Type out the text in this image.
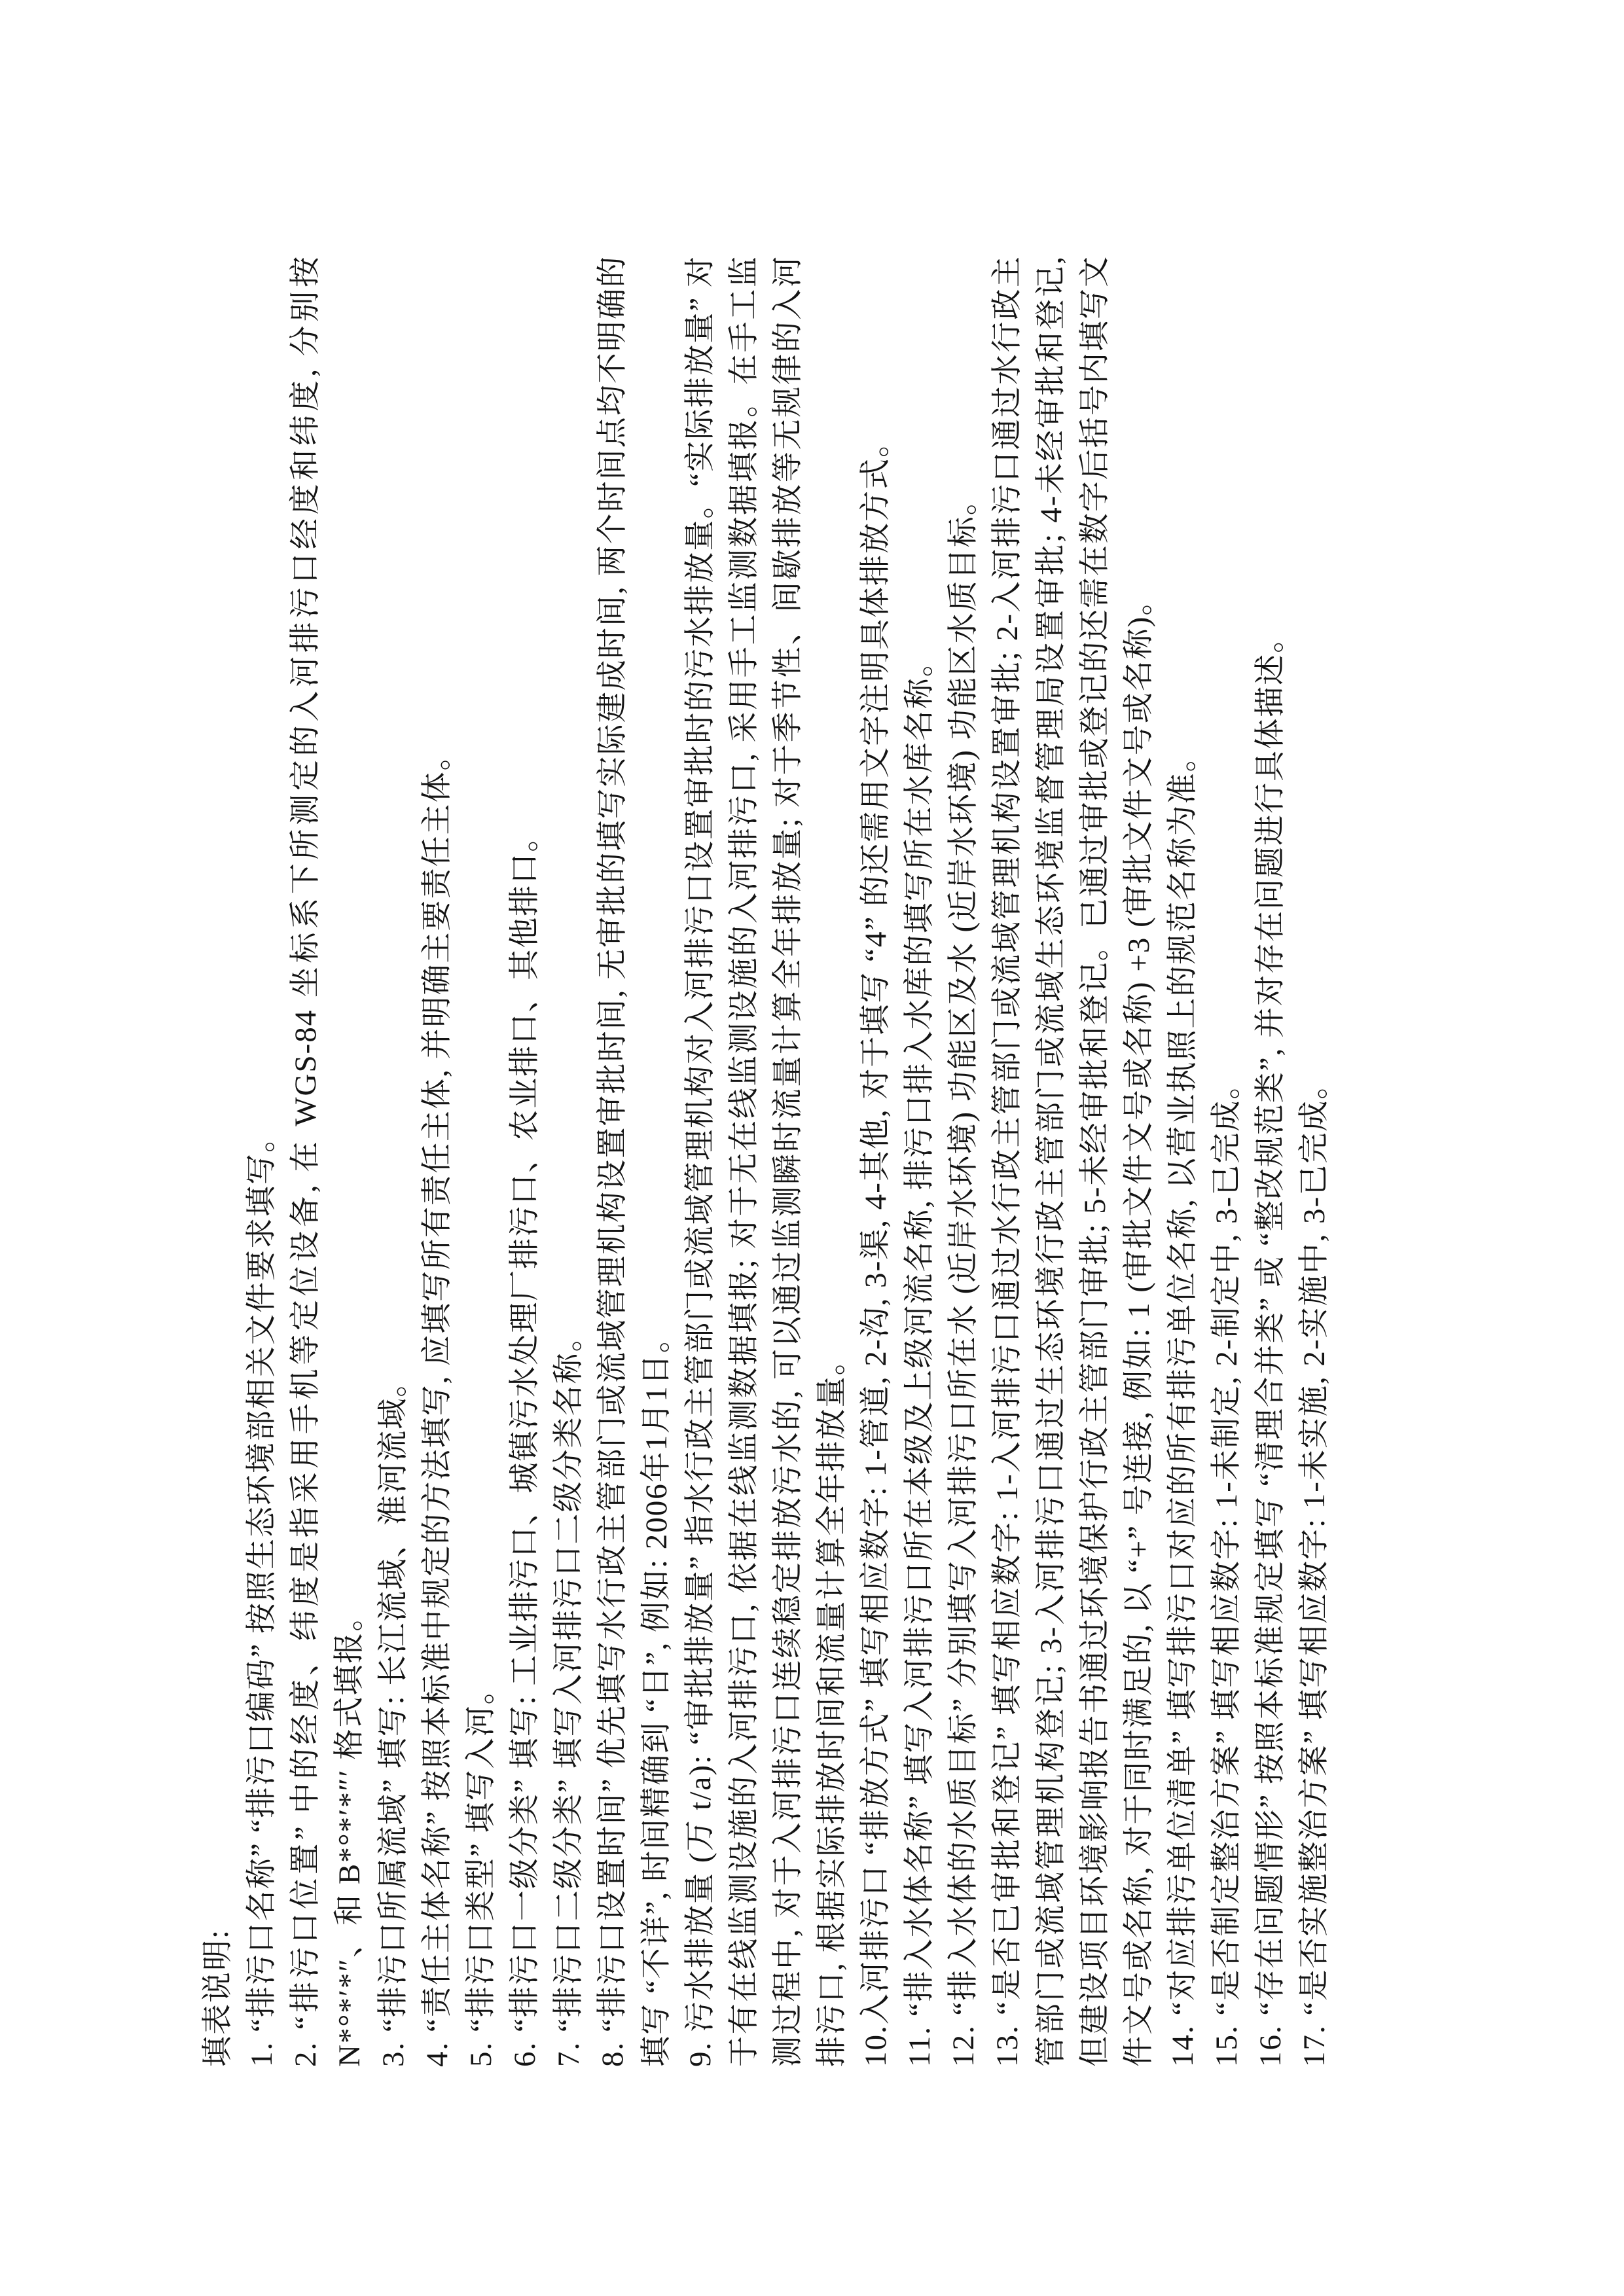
填表说明: 1. “排污口名称” “排污口编码” 按照生态环境部相关文件要求填写。 2. “排污口位置” 中的经度、纬度是指采用手机等定位设备, 在 WGS-84 坐标系下所测定的入河排污口经度和纬度, 分别按 N*°*′*″、和 B*°*′*″′ 格式填报。 3. “排污口所属流域” 填写: 长江流域、淮河流域。 4. “责任主体名称” 按照本标准中规定的方法填写, 应填写所有责任主体, 并明确主要责任主体。 5. “排污口类型” 填写入河。 6. “排污口一级分类” 填写: 工业排污口、城镇污水处理厂排污口、农业排口、其他排口。 7. “排污口二级分类” 填写入河排污口二级分类名称。 8. “排污口设置时间” 优先填写水行政主管部门或流域管理机构设置审批时间, 无审批的填写实际建成时间, 两个时间点均不明确的填写 “不详”, 时间精确到 “日”, 例如: 2006年1月1日。 9. 污水排放量 (万 t/a): “审批排放量” 指水行政主管部门或流域管理机构对入河排污口设置审批时的污水排放量。“实际排放量” 对于有在线监测设施的入河排污口, 依据在线监测数据填报; 对于无在线监测设施的入河排污口, 采用手工监测数据填报。在手工监测过程中, 对于入河排污口连续稳定排放污水的, 可以通过监测瞬时流量计算全年排放量; 对于季节性、间歇排放等无规律的入河排污口, 根据实际排放时间和流量计算全年排放量。 10.入河排污口 “排放方式” 填写相应数字: 1-管道, 2-沟, 3-渠, 4-其他, 对于填写 “4” 的还需用文字注明具体排放方式。 11. “排入水体名称” 填写入河排污口所在本级及上级河流名称, 排污口排入水库的填写所在水库名称。 12. “排入水体的水质目标” 分别填写入河排污口所在水 (近岸水环境) 功能区及水 (近岸水环境) 功能区水质目标。 13. “是否已审批和登记” 填写相应数字: 1-入河排污口通过水行政主管部门或流域管理机构设置审批; 2-入河排污口通过水行政主管部门或流域管理机构登记; 3-入河排污口通过生态环境行政主管部门或流域生态环境监督管理局设置审批; 4-未经审批和登记, 但建设项目环境影响报告书通过环境保护行政主管部门审批; 5-未经审批和登记。已通过审批或登记的还需在数字后括号内填写文件文号或名称, 对于同时满足的, 以 “+” 号连接, 例如: 1 (审批文件文号或名称) +3 (审批文件文号或名称)。 14. “对应排污单位清单” 填写排污口对应的所有排污单位名称, 以营业执照上的规范名称为准。 15. “是否制定整治方案” 填写相应数字: 1-未制定, 2-制定中, 3-已完成。 16. “存在问题情形” 按照本标准规定填写 “清理合并类” 或 “整改规范类”, 并对存在问题进行具体描述。 17. “是否实施整治方案” 填写相应数字: 1-未实施, 2-实施中, 3-已完成。
